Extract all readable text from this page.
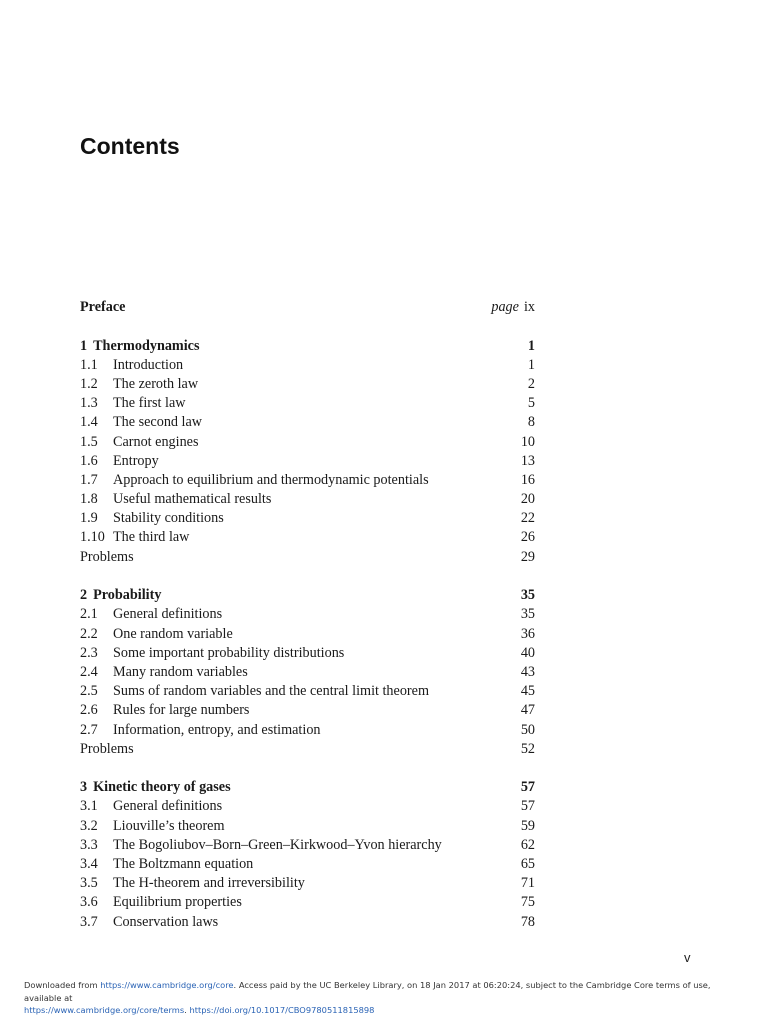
Contents
Preface	page ix
1 Thermodynamics	1
1.1	Introduction	1
1.2	The zeroth law	2
1.3	The first law	5
1.4	The second law	8
1.5	Carnot engines	10
1.6	Entropy	13
1.7	Approach to equilibrium and thermodynamic potentials	16
1.8	Useful mathematical results	20
1.9	Stability conditions	22
1.10 The third law	26
Problems	29
2 Probability	35
2.1	General definitions	35
2.2	One random variable	36
2.3	Some important probability distributions	40
2.4	Many random variables	43
2.5	Sums of random variables and the central limit theorem	45
2.6	Rules for large numbers	47
2.7	Information, entropy, and estimation	50
Problems	52
3 Kinetic theory of gases	57
3.1	General definitions	57
3.2	Liouville’s theorem	59
3.3	The Bogoliubov–Born–Green–Kirkwood–Yvon hierarchy	62
3.4	The Boltzmann equation	65
3.5	The H-theorem and irreversibility	71
3.6	Equilibrium properties	75
3.7	Conservation laws	78
v
Downloaded from https://www.cambridge.org/core. Access paid by the UC Berkeley Library, on 18 Jan 2017 at 06:20:24, subject to the Cambridge Core terms of use, available at
https://www.cambridge.org/core/terms. https://doi.org/10.1017/CBO9780511815898
